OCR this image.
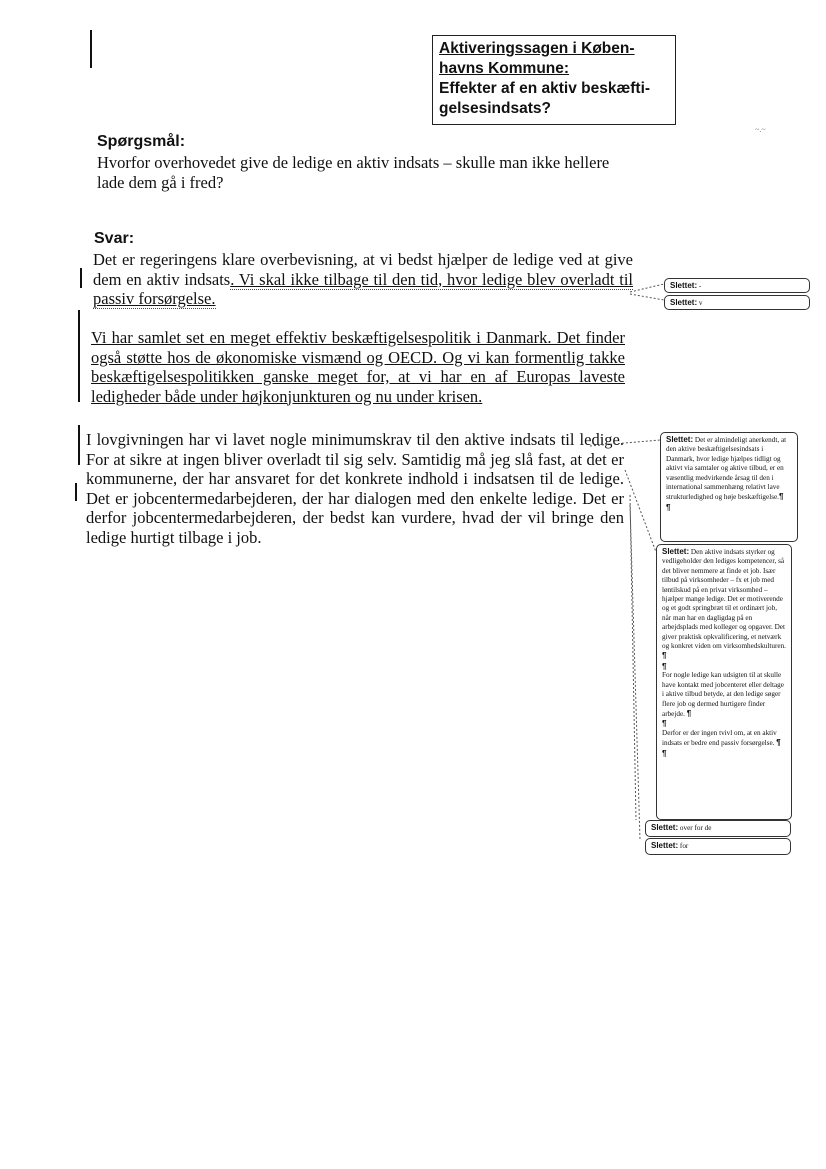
Aktiveringssagen i Køben-
havns Kommune:
Effekter af en aktiv beskæfti-
gelsesindsats?
~.~
Spørgsmål:
Hvorfor overhovedet give de ledige en aktiv indsats – skulle man ikke hellere lade dem gå i fred?
Svar:
Det er regeringens klare overbevisning, at vi bedst hjælper de ledige ved at give dem en aktiv indsats. Vi skal ikke tilbage til den tid, hvor ledige blev overladt til passiv forsørgelse.
Vi har samlet set en meget effektiv beskæftigelsespolitik i Danmark. Det finder også støtte hos de økonomiske vismænd og OECD. Og vi kan formentlig takke beskæftigelsespolitikken ganske meget for, at vi har en af Europas laveste ledigheder både under højkonjunkturen og nu under krisen.
I lovgivningen har vi lavet nogle minimumskrav til den aktive indsats til ledige. For at sikre at ingen bliver overladt til sig selv. Samtidig må jeg slå fast, at det er kommunerne, der har ansvaret for det konkrete indhold i indsatsen til de ledige. Det er jobcentermedarbejderen, der har dialogen med den enkelte ledige. Det er derfor jobcentermedarbejderen, der bedst kan vurdere, hvad der vil bringe den ledige hurtigt tilbage i job.
Slettet: -
Slettet: v

Slettet: Det er almindeligt anerkendt, at den aktive beskæftigelsesindsats i Danmark, hvor ledige hjælpes tidligt og aktivt via samtaler og aktive tilbud, er en væsentlig medvirkende årsag til den i international sammenhæng relativt lave strukturledighed og høje beskæftigelse.¶

¶

Slettet: Den aktive indsats styrker og vedligeholder den lediges kompetencer, så det bliver nemmere at finde et job. Især tilbud på virksomheder – fx et job med løntilskud på en privat virksomhed – hjælper mange ledige. Det er motiverende og et godt springbræt til et ordinært job, når man har en dagligdag på en arbejdsplads med kolleger og opgaver. Det giver praktisk opkvalificering, et netværk og konkret viden om virksomhedskulturen. ¶

¶

For nogle ledige kan udsigten til at skulle have kontakt med jobcenteret eller deltage i aktive tilbud betyde, at den ledige søger flere job og dermed hurtigere finder arbejde. ¶

¶

Derfor er der ingen tvivl om, at en aktiv indsats er bedre end passiv forsørgelse. ¶

¶

Slettet: over for de
Slettet: for
